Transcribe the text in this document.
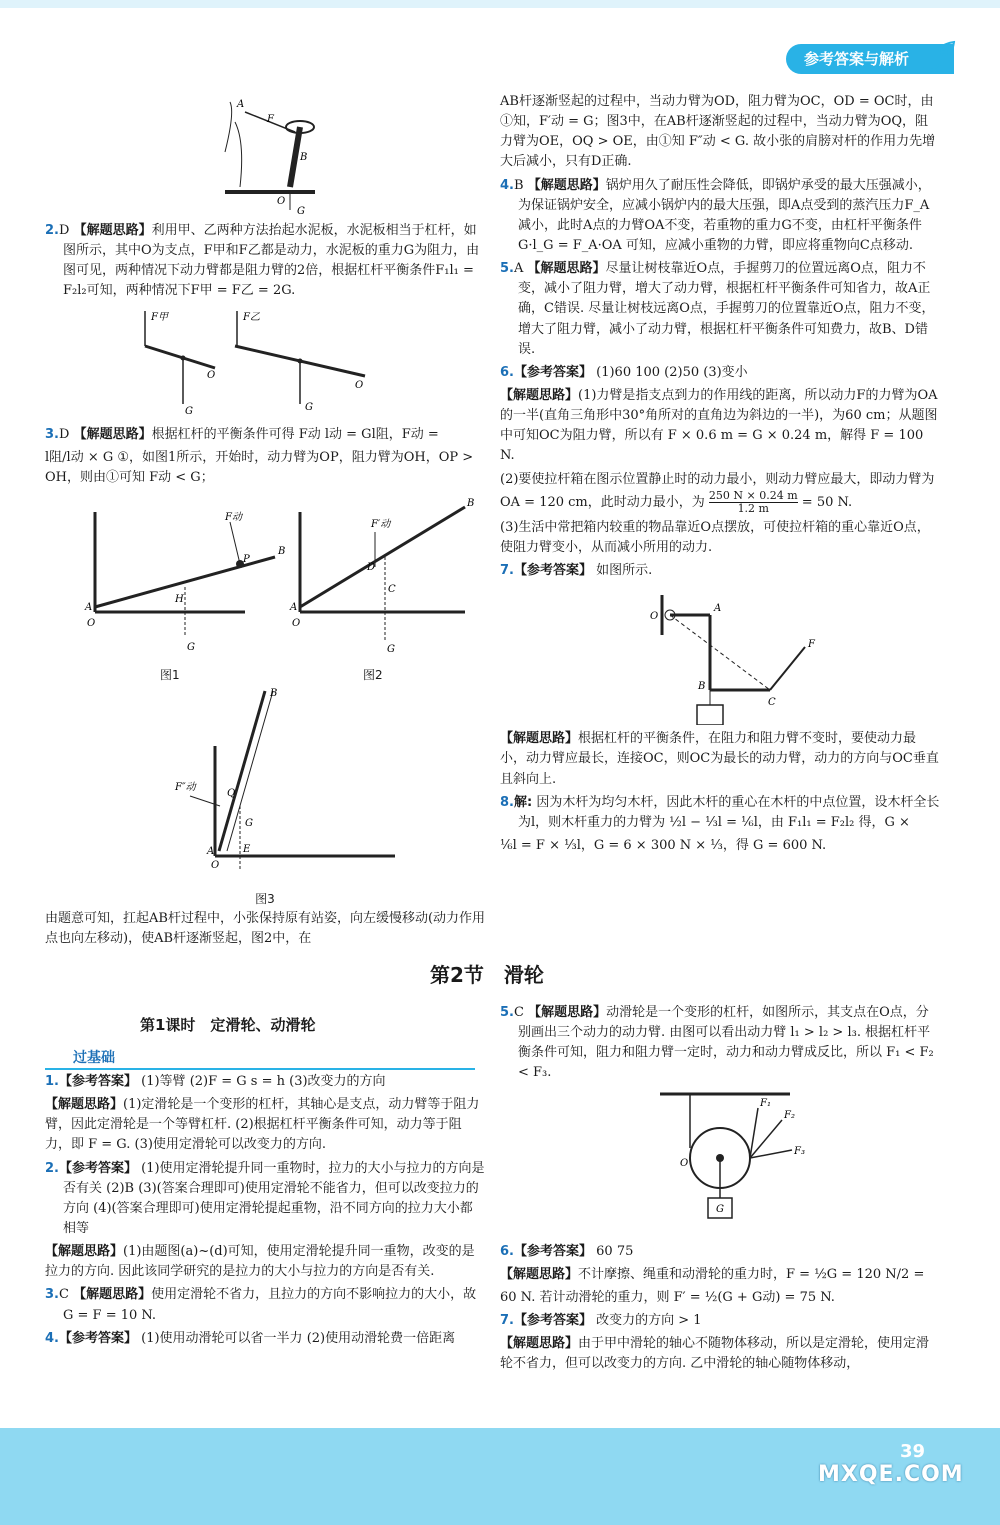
参考答案与解析
A
F
B
O
G

2.D 【解题思路】利用甲、乙两种方法抬起水泥板，水泥板相当于杠杆，如图所示，其中O为支点，F甲和F乙都是动力，水泥板的重力G为阻力，由图可见，两种情况下动力臂都是阻力臂的2倍，根据杠杆平衡条件F₁l₁ = F₂l₂可知，两种情况下F甲 = F乙 = 2G.

F甲
O
G
F乙
O
G

3.D 【解题思路】根据杠杆的平衡条件可得 F动 l动 = Gl阻，F动 =

l阻/l动 × G ①，如图1所示，开始时，动力臂为OP，阻力臂为OH，OP > OH，则由①可知 F动 < G；

A
O
H
P
B
F动
G
A
O
D
C
F′动
B
G
图1	图2
F″动
B
Q
G
A
O
E
图3

由题意可知，扛起AB杆过程中，小张保持原有站姿，向左缓慢移动(动力作用点也向左移动)，使AB杆逐渐竖起，图2中，在

AB杆逐渐竖起的过程中，当动力臂为OD，阻力臂为OC，OD = OC时，由①知，F′动 = G；图3中，在AB杆逐渐竖起的过程中，当动力臂为OQ，阻力臂为OE，OQ > OE，由①知 F″动 < G. 故小张的肩膀对杆的作用力先增大后减小，只有D正确.

4.B 【解题思路】锅炉用久了耐压性会降低，即锅炉承受的最大压强减小，为保证锅炉安全，应减小锅炉内的最大压强，即A点受到的蒸汽压力F_A减小，此时A点的力臂OA不变，若重物的重力G不变，由杠杆平衡条件 G·l_G = F_A·OA 可知，应减小重物的力臂，即应将重物向C点移动.

5.A 【解题思路】尽量让树枝靠近O点，手握剪刀的位置远离O点，阻力不变，减小了阻力臂，增大了动力臂，根据杠杆平衡条件可知省力，故A正确，C错误. 尽量让树枝远离O点，手握剪刀的位置靠近O点，阻力不变，增大了阻力臂，减小了动力臂，根据杠杆平衡条件可知费力，故B、D错误.

6.【参考答案】 (1)60 100 (2)50 (3)变小

【解题思路】(1)力臂是指支点到力的作用线的距离，所以动力F的力臂为OA的一半(直角三角形中30°角所对的直角边为斜边的一半)，为60 cm；从题图中可知OC为阻力臂，所以有 F × 0.6 m = G × 0.24 m，解得 F = 100 N.

(2)要使拉杆箱在图示位置静止时的动力最小，则动力臂应最大，即动力臂为 OA = 120 cm，此时动力最小，为 $\frac{250 N \times 0.24 m}{1.2 m} = 50$ N.

(3)生活中常把箱内较重的物品靠近O点摆放，可使拉杆箱的重心靠近O点，使阻力臂变小，从而减小所用的动力.

7.【参考答案】 如图所示.

O
A
B
C
F

【解题思路】根据杠杆的平衡条件，在阻力和阻力臂不变时，要使动力最小，动力臂应最长，连接OC，则OC为最长的动力臂，动力的方向与OC垂直且斜向上.

8.解: 因为木杆为均匀木杆，因此木杆的重心在木杆的中点位置，设木杆全长为l，则木杆重力的力臂为 ½l − ⅓l = ⅙l，由 F₁l₁ = F₂l₂ 得，G ×

⅙l = F × ⅓l，G = 6 × 300 N × ⅓，得 G = 600 N.

第2节　滑轮
第1课时　定滑轮、动滑轮
过基础

1.【参考答案】 (1)等臂 (2)F = G s = h (3)改变力的方向

【解题思路】(1)定滑轮是一个变形的杠杆，其轴心是支点，动力臂等于阻力臂，因此定滑轮是一个等臂杠杆. (2)根据杠杆平衡条件可知，动力等于阻力，即 F = G. (3)使用定滑轮可以改变力的方向.

2.【参考答案】 (1)使用定滑轮提升同一重物时，拉力的大小与拉力的方向是否有关 (2)B (3)(答案合理即可)使用定滑轮不能省力，但可以改变拉力的方向 (4)(答案合理即可)使用定滑轮提起重物，沿不同方向的拉力大小都相等

【解题思路】(1)由题图(a)~(d)可知，使用定滑轮提升同一重物，改变的是拉力的方向. 因此该同学研究的是拉力的大小与拉力的方向是否有关.

3.C 【解题思路】使用定滑轮不省力，且拉力的方向不影响拉力的大小，故 G = F = 10 N.

4.【参考答案】 (1)使用动滑轮可以省一半力 (2)使用动滑轮费一倍距离

5.C 【解题思路】动滑轮是一个变形的杠杆，如图所示，其支点在O点，分别画出三个动力的动力臂. 由图可以看出动力臂 l₁ > l₂ > l₃. 根据杠杆平衡条件可知，阻力和阻力臂一定时，动力和动力臂成反比，所以 F₁ < F₂ < F₃.

O
F₁
F₂
F₃
G

6.【参考答案】 60 75

【解题思路】不计摩擦、绳重和动滑轮的重力时，F = ½G = 120 N/2 =

60 N. 若计动滑轮的重力，则 F′ = ½(G + G动) = 75 N.

7.【参考答案】 改变力的方向 > 1

【解题思路】由于甲中滑轮的轴心不随物体移动，所以是定滑轮，使用定滑轮不省力，但可以改变力的方向. 乙中滑轮的轴心随物体移动，

39
MXQE.COM
